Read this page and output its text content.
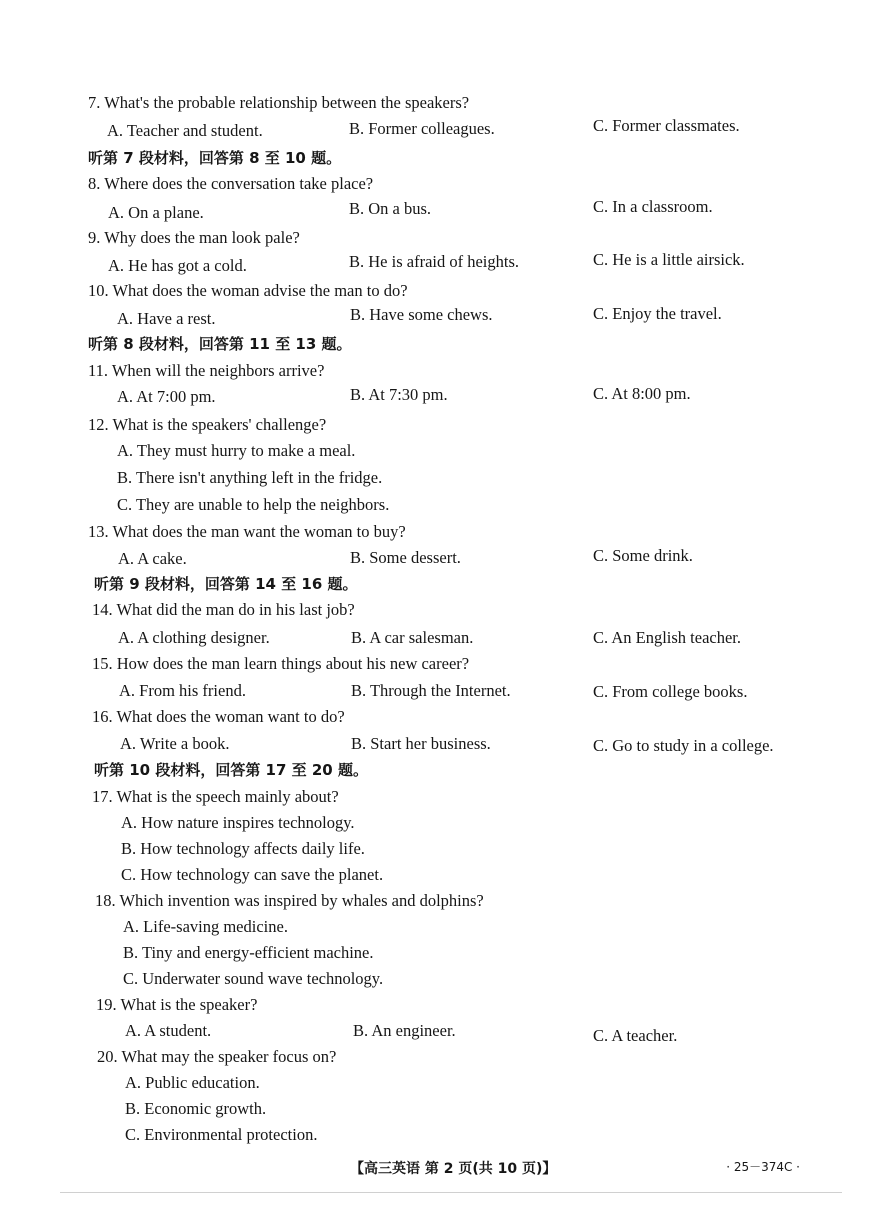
7. What's the probable relationship between the speakers?
A. Teacher and student.	B. Former colleagues.	C. Former classmates.
听第 7 段材料，回答第 8 至 10 题。
8. Where does the conversation take place?
A. On a plane.	B. On a bus.	C. In a classroom.
9. Why does the man look pale?
A. He has got a cold.	B. He is afraid of heights.	C. He is a little airsick.
10. What does the woman advise the man to do?
A. Have a rest.	B. Have some chews.	C. Enjoy the travel.
听第 8 段材料，回答第 11 至 13 题。
11. When will the neighbors arrive?
A. At 7:00 pm.	B. At 7:30 pm.	C. At 8:00 pm.
12. What is the speakers' challenge?
A. They must hurry to make a meal.
B. There isn't anything left in the fridge.
C. They are unable to help the neighbors.
13. What does the man want the woman to buy?
A. A cake.	B. Some dessert.	C. Some drink.
听第 9 段材料，回答第 14 至 16 题。
14. What did the man do in his last job?
A. A clothing designer.	B. A car salesman.	C. An English teacher.
15. How does the man learn things about his new career?
A. From his friend.	B. Through the Internet.	C. From college books.
16. What does the woman want to do?
A. Write a book.	B. Start her business.	C. Go to study in a college.
听第 10 段材料，回答第 17 至 20 题。
17. What is the speech mainly about?
A. How nature inspires technology.
B. How technology affects daily life.
C. How technology can save the planet.
18. Which invention was inspired by whales and dolphins?
A. Life-saving medicine.
B. Tiny and energy-efficient machine.
C. Underwater sound wave technology.
19. What is the speaker?
A. A student.	B. An engineer.	C. A teacher.
20. What may the speaker focus on?
A. Public education.
B. Economic growth.
C. Environmental protection.
【高三英语 第 2 页(共 10 页)】	· 25－374C ·
